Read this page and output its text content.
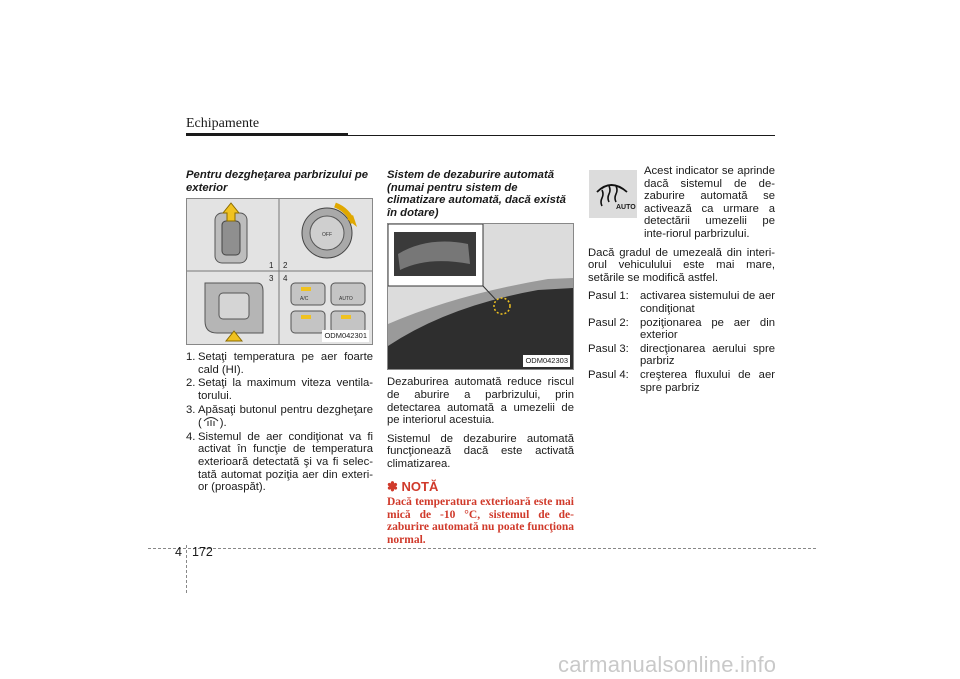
Echipamente
Pentru dezgheţarea parbrizului pe exterior
OFF
A/C	AUTO
1 2
3 4
ODM042301
1. Setaţi temperatura pe aer foarte cald (HI).
2. Setaţi la maximum viteza ventila-torului.
3. Apăsaţi butonul pentru dezgheţare ( ).
4. Sistemul de aer condiţionat va fi activat în funcţie de temperatura exterioară detectată şi va fi selec-tată automat poziţia aer din exteri-or (proaspăt).
Sistem de dezaburire automată (numai pentru sistem de climatizare automată, dacă există în dotare)
ODM042303

Dezaburirea automată reduce riscul de aburire a parbrizului, prin detectarea automată a umezelii de pe interiorul acestuia.

Sistemul de dezaburire automată funcţionează dacă este activată climatizarea.

✽ NOTĂ

Dacă temperatura exterioară este mai mică de -10 °C, sistemul de de-zaburire automată nu poate funcţiona normal.

AUTO
Acest indicator se aprinde dacă sistemul de de-zaburire automată se activează ca urmare a detectării umezelii pe inte-riorul parbrizului.

Dacă gradul de umezeală din interi-orul vehiculului este mai mare, setările se modifică astfel.

Pasul 1: activarea sistemului de aer condiţionat
Pasul 2: poziţionarea pe aer din exterior
Pasul 3: direcţionarea aerului spre parbriz
Pasul 4: creşterea fluxului de aer spre parbriz
4 172
carmanualsonline.info
